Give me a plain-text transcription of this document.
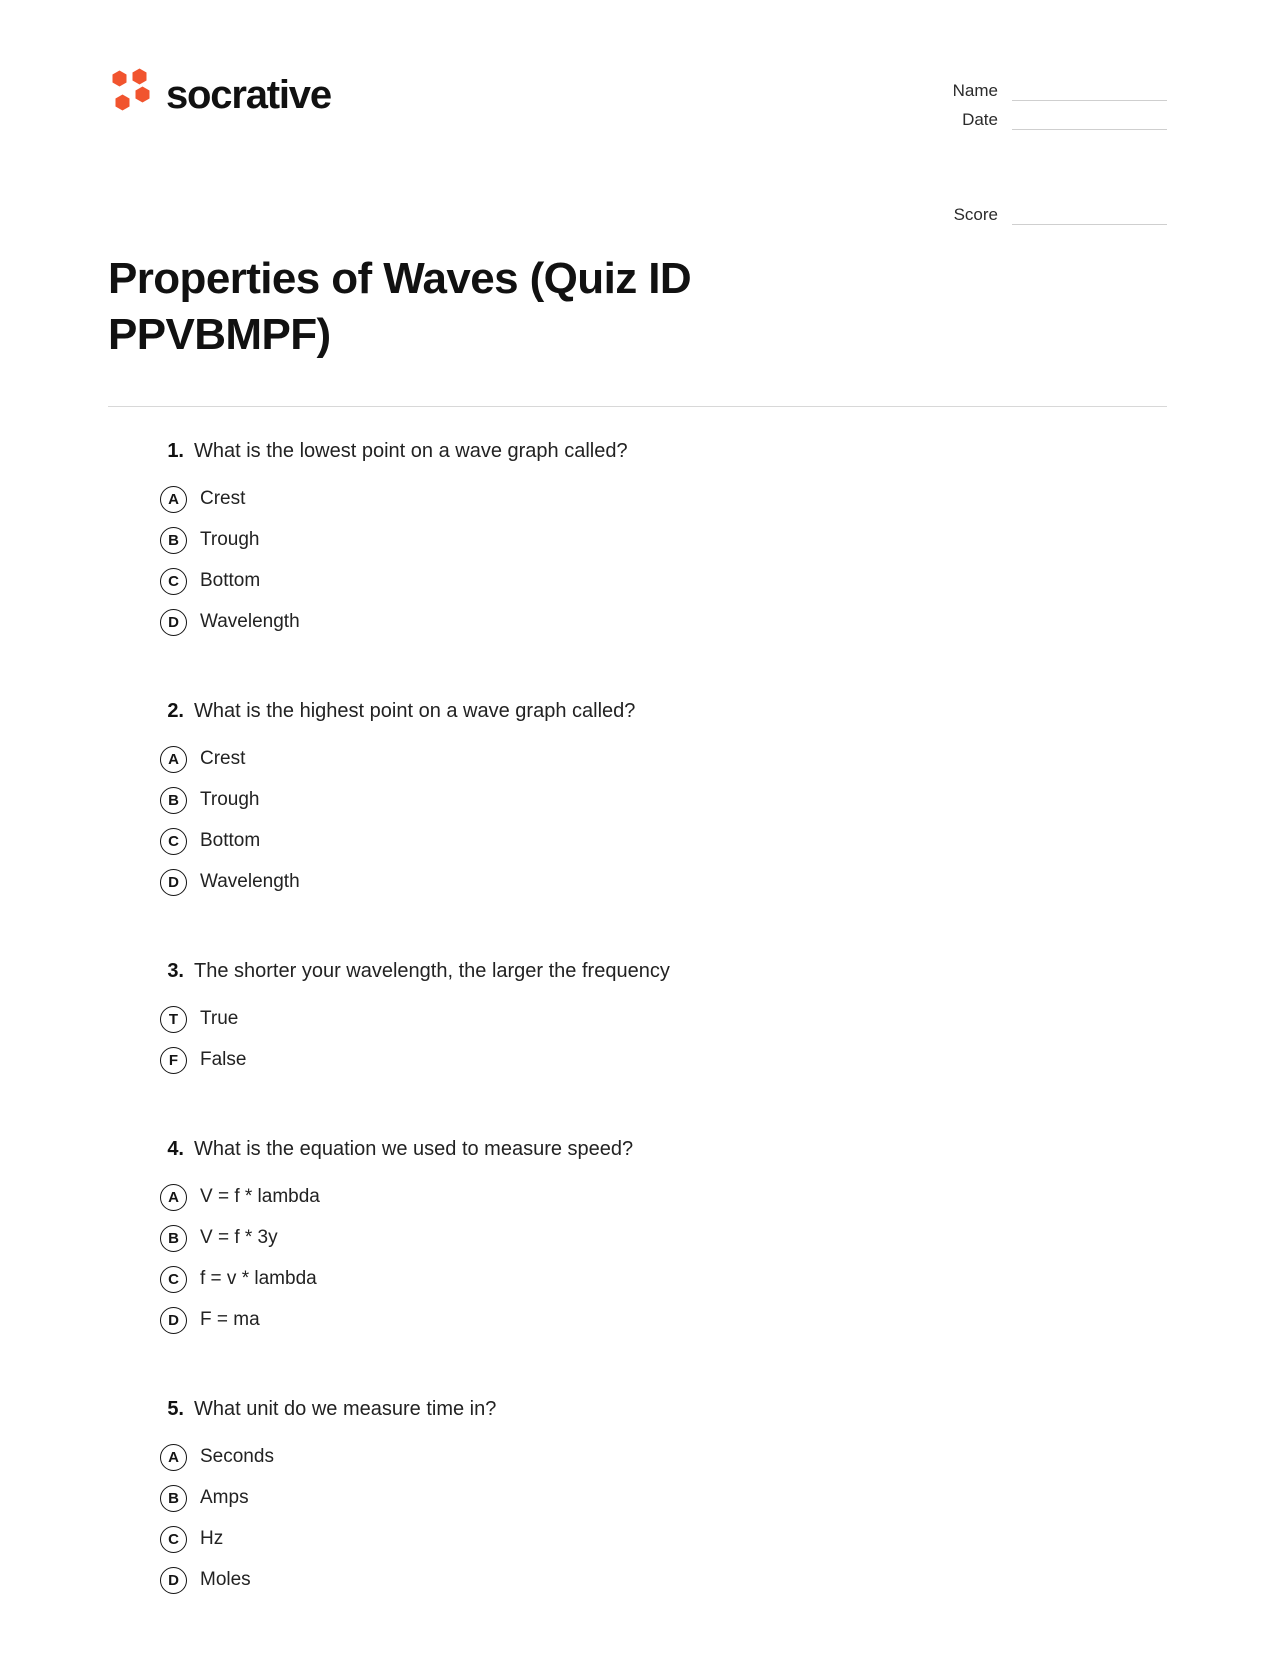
socrative	Name
Date
Score
Properties of Waves (Quiz ID PPVBMPF)
1. What is the lowest point on a wave graph called?
A	Crest
B	Trough
C	Bottom
D	Wavelength
2. What is the highest point on a wave graph called?
A	Crest
B	Trough
C	Bottom
D	Wavelength
3. The shorter your wavelength, the larger the frequency
T	True
F	False
4. What is the equation we used to measure speed?
A	V = f * lambda
B	V = f * 3y
C	f = v * lambda
D	F = ma
5. What unit do we measure time in?
A	Seconds
B	Amps
C	Hz
D	Moles
